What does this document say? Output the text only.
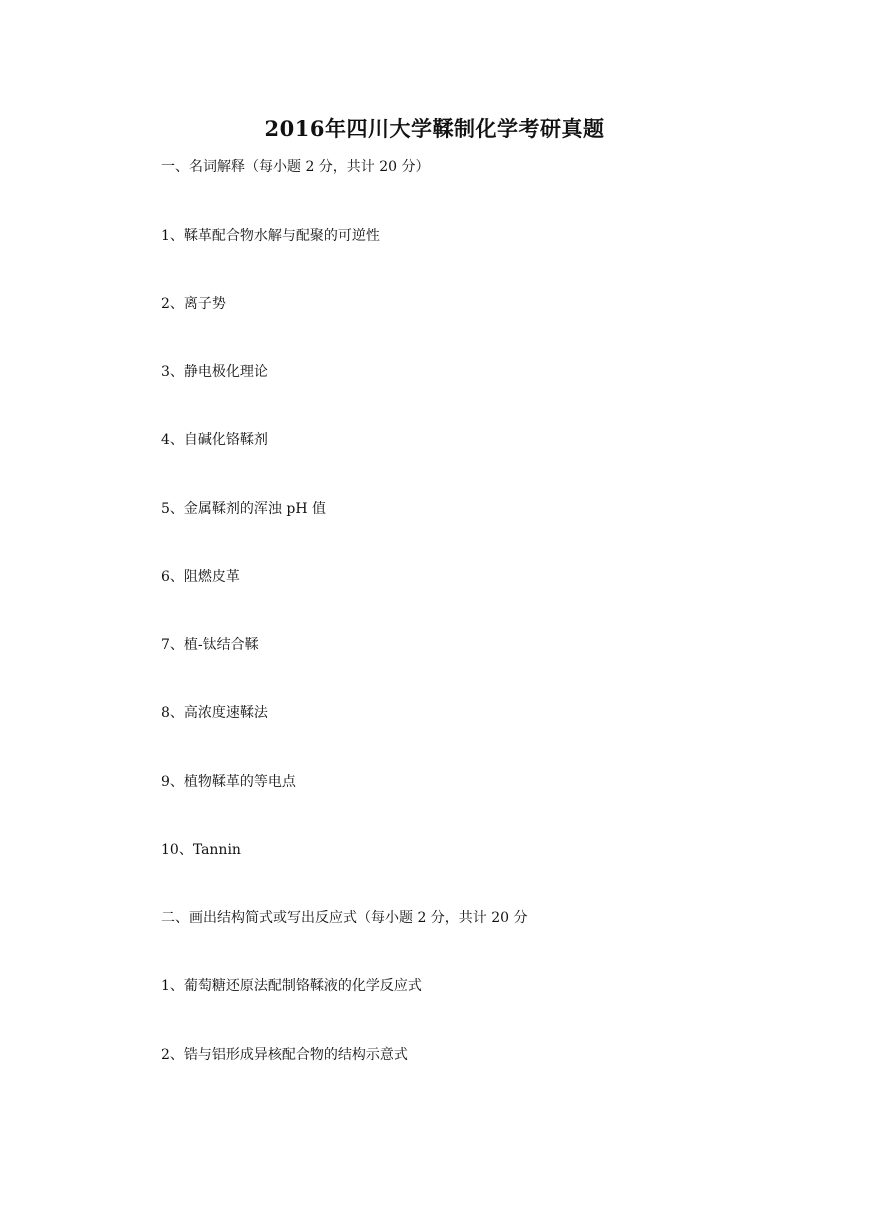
2016年四川大学鞣制化学考研真题
一、名词解释（每小题 2 分，共计 20 分）
1、鞣革配合物水解与配聚的可逆性
2、离子势
3、静电极化理论
4、自碱化铬鞣剂
5、金属鞣剂的浑浊 pH 值
6、阻燃皮革
7、植-钛结合鞣
8、高浓度速鞣法
9、植物鞣革的等电点
10、Tannin
二、画出结构简式或写出反应式（每小题 2 分，共计 20 分
1、葡萄糖还原法配制铬鞣液的化学反应式
2、锆与铝形成异核配合物的结构示意式
